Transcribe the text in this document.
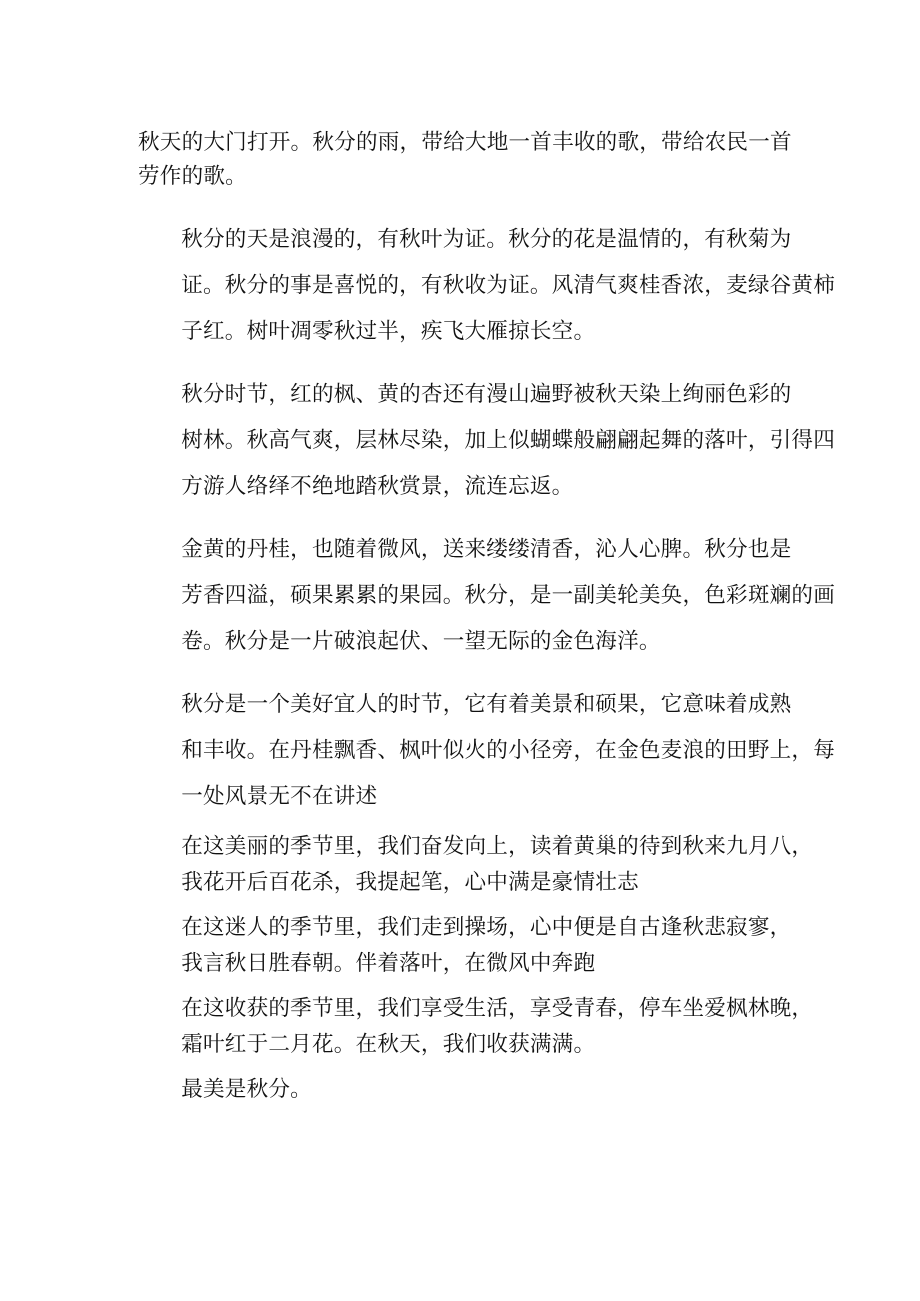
秋天的大门打开。秋分的雨，带给大地一首丰收的歌，带给农民一首
劳作的歌。

秋分的天是浪漫的，有秋叶为证。秋分的花是温情的，有秋菊为
证。秋分的事是喜悦的，有秋收为证。风清气爽桂香浓，麦绿谷黄柿
子红。树叶凋零秋过半，疾飞大雁掠长空。

秋分时节，红的枫、黄的杏还有漫山遍野被秋天染上绚丽色彩的
树林。秋高气爽，层林尽染，加上似蝴蝶般翩翩起舞的落叶，引得四
方游人络绎不绝地踏秋赏景，流连忘返。

金黄的丹桂，也随着微风，送来缕缕清香，沁人心脾。秋分也是
芳香四溢，硕果累累的果园。秋分，是一副美轮美奂，色彩斑斓的画
卷。秋分是一片破浪起伏、一望无际的金色海洋。

秋分是一个美好宜人的时节，它有着美景和硕果，它意味着成熟
和丰收。在丹桂飘香、枫叶似火的小径旁，在金色麦浪的田野上，每
一处风景无不在讲述

在这美丽的季节里，我们奋发向上，读着黄巢的待到秋来九月八，
我花开后百花杀，我提起笔，心中满是豪情壮志

在这迷人的季节里，我们走到操场，心中便是自古逢秋悲寂寥，
我言秋日胜春朝。伴着落叶，在微风中奔跑

在这收获的季节里，我们享受生活，享受青春，停车坐爱枫林晚，
霜叶红于二月花。在秋天，我们收获满满。

最美是秋分。
